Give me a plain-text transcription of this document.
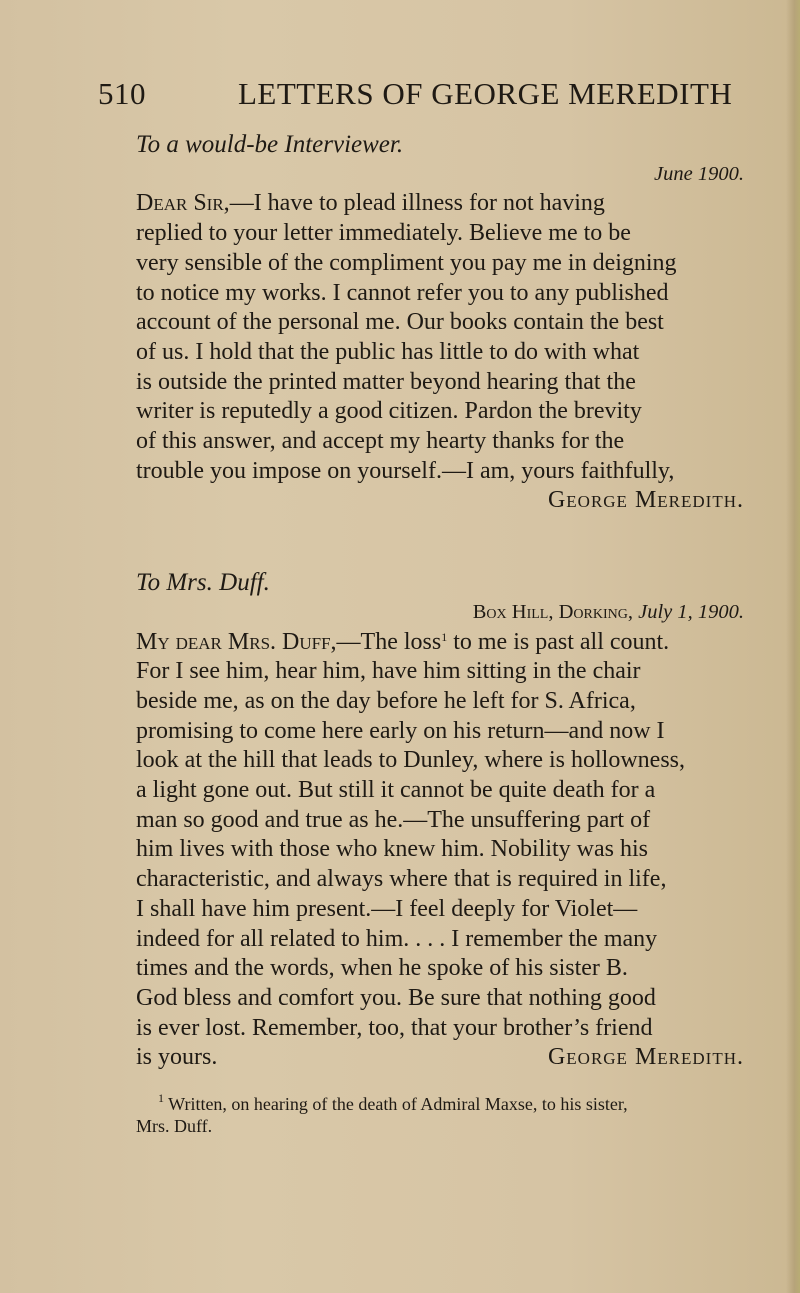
510	LETTERS OF GEORGE MEREDITH

To a would-be Interviewer.

June 1900.

Dear Sir,—I have to plead illness for not having
replied to your letter immediately. Believe me to be
very sensible of the compliment you pay me in deigning
to notice my works. I cannot refer you to any published
account of the personal me. Our books contain the best
of us. I hold that the public has little to do with what
is outside the printed matter beyond hearing that the
writer is reputedly a good citizen. Pardon the brevity
of this answer, and accept my hearty thanks for the
trouble you impose on yourself.—I am, yours faithfully,

George Meredith.

To Mrs. Duff.

Box Hill, Dorking, July 1, 1900.

My dear Mrs. Duff,—The loss$^1$ to me is past all count.
For I see him, hear him, have him sitting in the chair
beside me, as on the day before he left for S. Africa,
promising to come here early on his return—and now I
look at the hill that leads to Dunley, where is hollowness,
a light gone out. But still it cannot be quite death for a
man so good and true as he.—The unsuffering part of
him lives with those who knew him. Nobility was his
characteristic, and always where that is required in life,
I shall have him present.—I feel deeply for Violet—
indeed for all related to him. . . . I remember the many
times and the words, when he spoke of his sister B.
God bless and comfort you. Be sure that nothing good
is ever lost. Remember, too, that your brother’s friend
is yours.	George Meredith.

$^1$ Written, on hearing of the death of Admiral Maxse, to his sister,
Mrs. Duff.
